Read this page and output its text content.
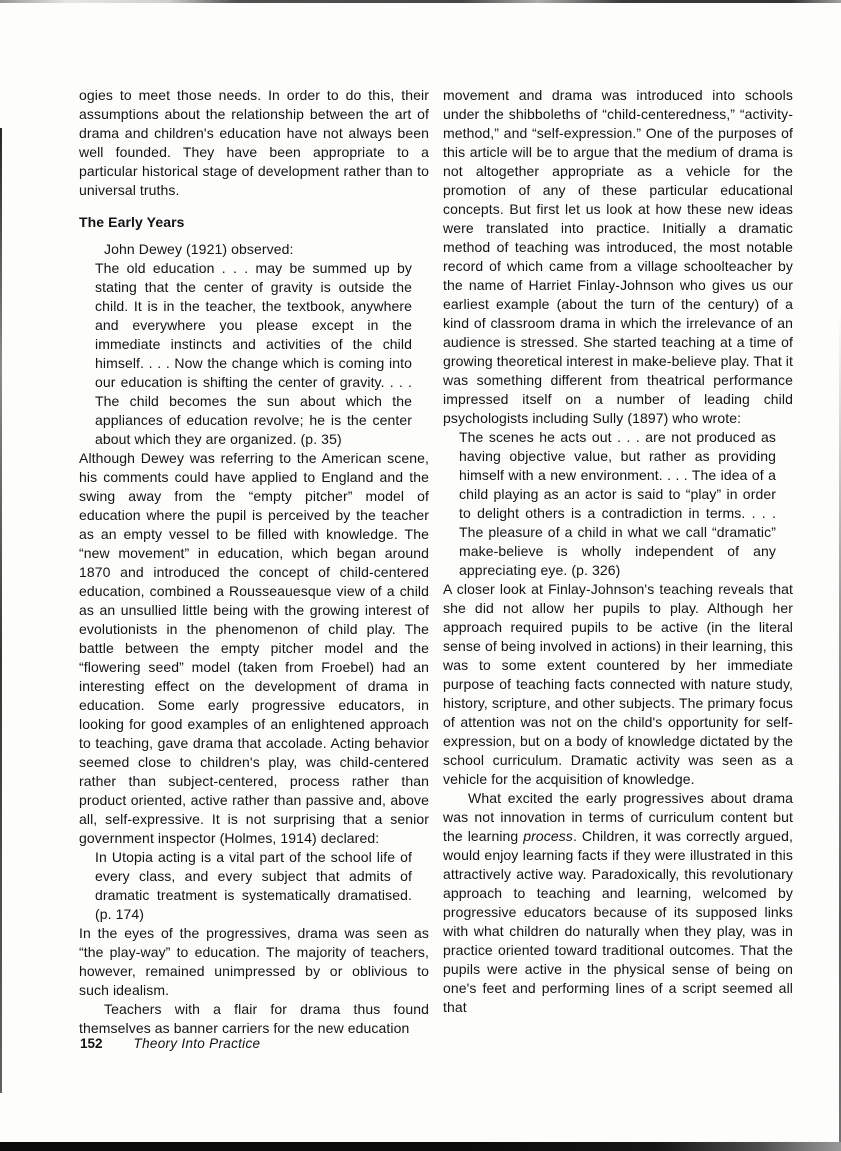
ogies to meet those needs. In order to do this, their assumptions about the relationship between the art of drama and children's education have not always been well founded. They have been appropriate to a particular historical stage of development rather than to universal truths.

The Early Years

John Dewey (1921) observed:

The old education . . . may be summed up by stating that the center of gravity is outside the child. It is in the teacher, the textbook, anywhere and everywhere you please except in the immediate instincts and activities of the child himself. . . . Now the change which is coming into our education is shifting the center of gravity. . . . The child becomes the sun about which the appliances of education revolve; he is the center about which they are organized. (p. 35)

Although Dewey was referring to the American scene, his comments could have applied to England and the swing away from the “empty pitcher” model of education where the pupil is perceived by the teacher as an empty vessel to be filled with knowledge. The “new movement” in education, which began around 1870 and introduced the concept of child-centered education, combined a Rousseauesque view of a child as an unsullied little being with the growing interest of evolutionists in the phenomenon of child play. The battle between the empty pitcher model and the “flowering seed” model (taken from Froebel) had an interesting effect on the development of drama in education. Some early progressive educators, in looking for good examples of an enlightened approach to teaching, gave drama that accolade. Acting behavior seemed close to children's play, was child-centered rather than subject-centered, process rather than product oriented, active rather than passive and, above all, self-expressive. It is not surprising that a senior government inspector (Holmes, 1914) declared:

In Utopia acting is a vital part of the school life of every class, and every subject that admits of dramatic treatment is systematically dramatised. (p. 174)

In the eyes of the progressives, drama was seen as “the play-way” to education. The majority of teachers, however, remained unimpressed by or oblivious to such idealism.

Teachers with a flair for drama thus found themselves as banner carriers for the new education

movement and drama was introduced into schools under the shibboleths of “child-centeredness,” “activity-method,” and “self-expression.” One of the purposes of this article will be to argue that the medium of drama is not altogether appropriate as a vehicle for the promotion of any of these particular educational concepts. But first let us look at how these new ideas were translated into practice. Initially a dramatic method of teaching was introduced, the most notable record of which came from a village schoolteacher by the name of Harriet Finlay-Johnson who gives us our earliest example (about the turn of the century) of a kind of classroom drama in which the irrelevance of an audience is stressed. She started teaching at a time of growing theoretical interest in make-believe play. That it was something different from theatrical performance impressed itself on a number of leading child psychologists including Sully (1897) who wrote:

The scenes he acts out . . . are not produced as having objective value, but rather as providing himself with a new environment. . . . The idea of a child playing as an actor is said to “play” in order to delight others is a contradiction in terms. . . . The pleasure of a child in what we call “dramatic” make-believe is wholly independent of any appreciating eye. (p. 326)

A closer look at Finlay-Johnson's teaching reveals that she did not allow her pupils to play. Although her approach required pupils to be active (in the literal sense of being involved in actions) in their learning, this was to some extent countered by her immediate purpose of teaching facts connected with nature study, history, scripture, and other subjects. The primary focus of attention was not on the child's opportunity for self-expression, but on a body of knowledge dictated by the school curriculum. Dramatic activity was seen as a vehicle for the acquisition of knowledge.

What excited the early progressives about drama was not innovation in terms of curriculum content but the learning process. Children, it was correctly argued, would enjoy learning facts if they were illustrated in this attractively active way. Paradoxically, this revolutionary approach to teaching and learning, welcomed by progressive educators because of its supposed links with what children do naturally when they play, was in practice oriented toward traditional outcomes. That the pupils were active in the physical sense of being on one's feet and performing lines of a script seemed all that

152 Theory Into Practice
